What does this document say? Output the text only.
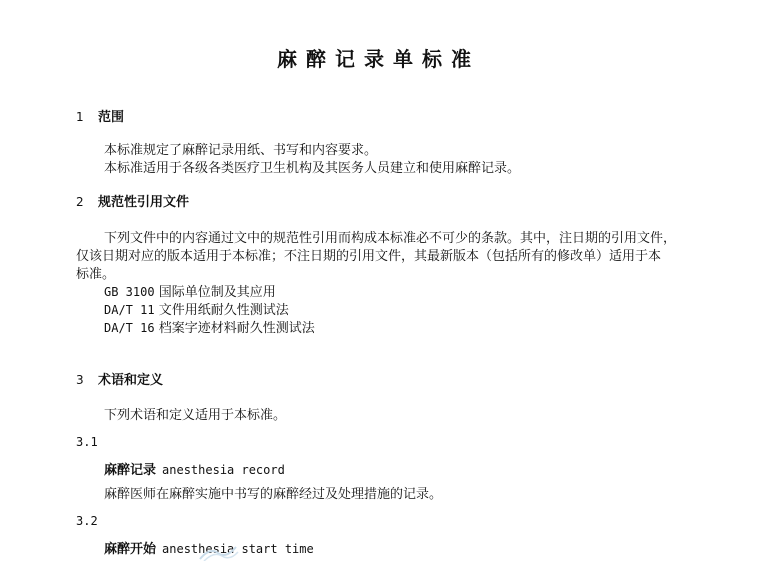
麻醉记录单标准
1 范围
本标准规定了麻醉记录用纸、书写和内容要求。
本标准适用于各级各类医疗卫生机构及其医务人员建立和使用麻醉记录。
2 规范性引用文件
下列文件中的内容通过文中的规范性引用而构成本标准必不可少的条款。其中，注日期的引用文件，
仅该日期对应的版本适用于本标准；不注日期的引用文件，其最新版本（包括所有的修改单）适用于本
标准。
GB 3100 国际单位制及其应用
DA/T 11 文件用纸耐久性测试法
DA/T 16 档案字迹材料耐久性测试法
3 术语和定义
下列术语和定义适用于本标准。
3.1
麻醉记录 anesthesia record
麻醉医师在麻醉实施中书写的麻醉经过及处理措施的记录。
3.2
麻醉开始 anesthesia start time
